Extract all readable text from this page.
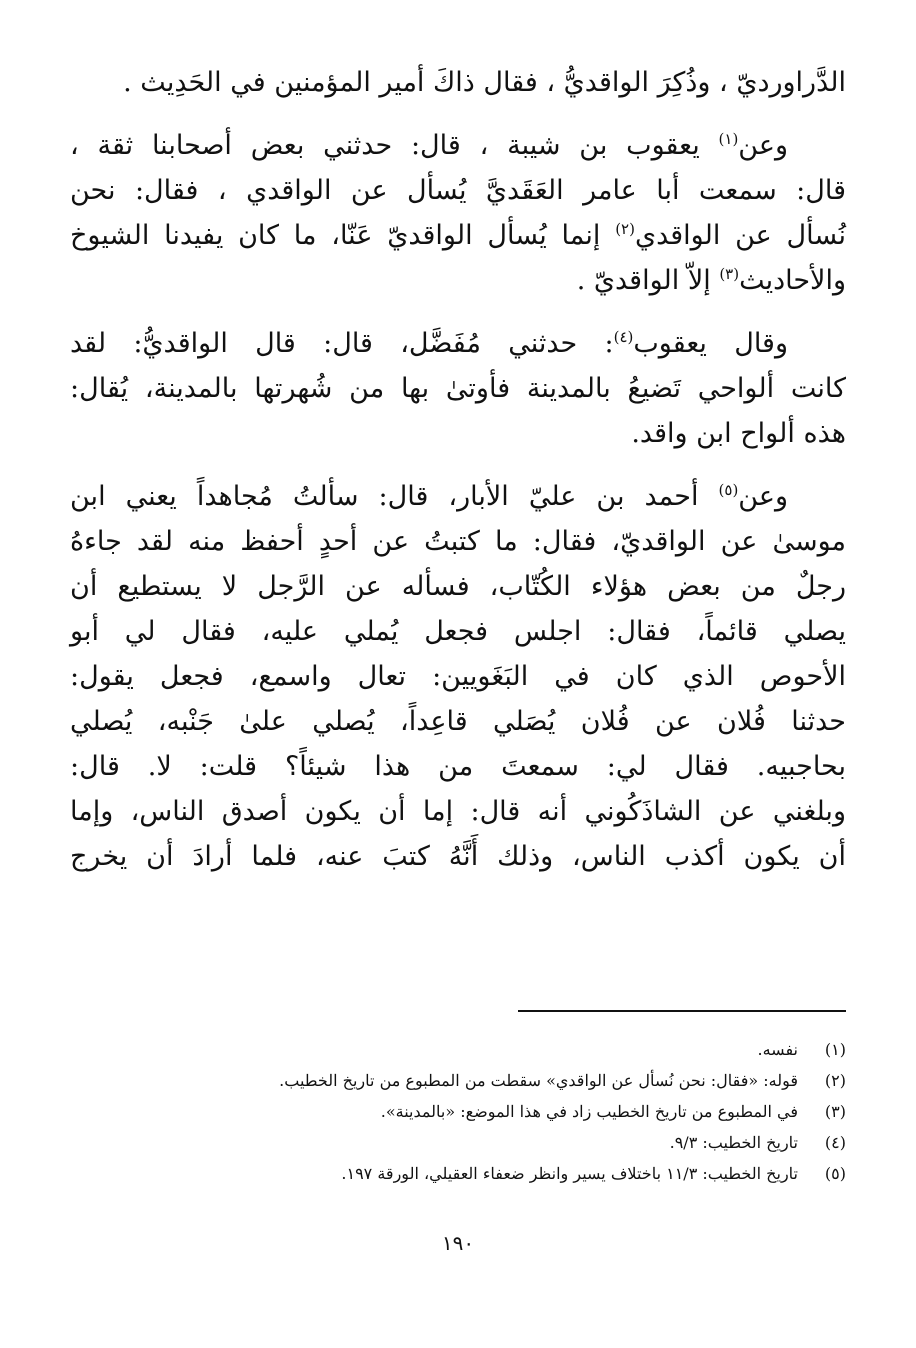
الدَّراورديّ ، وذُكِرَ الواقديُّ ، فقال ذاكَ أمير المؤمنين في الحَدِيث .
وعن$^{(١)}$ يعقوب بن شيبة ، قال: حدثني بعض أصحابنا ثقة ،
قال: سمعت أبا عامر العَقَديَّ يُسأل عن الواقدي ، فقال: نحن
نُسأل عن الواقدي$^{(٢)}$ إنما يُسأل الواقديّ عَنّا، ما كان يفيدنا الشيوخ
والأحاديث$^{(٣)}$ إلاّ الواقديّ .
وقال يعقوب$^{(٤)}$: حدثني مُفَضَّل، قال: قال الواقديُّ: لقد
كانت ألواحي تَضيعُ بالمدينة فأوتىٰ بها من شُهرتها بالمدينة، يُقال:
هذه ألواح ابن واقد.
وعن$^{(٥)}$ أحمد بن عليّ الأبار، قال: سألتُ مُجاهداً يعني ابن
موسىٰ عن الواقديّ، فقال: ما كتبتُ عن أحدٍ أحفظ منه لقد جاءهُ
رجلٌ من بعض هؤلاء الكُتّاب، فسأله عن الرَّجل لا يستطيع أن
يصلي قائماً، فقال: اجلس فجعل يُملي عليه، فقال لي أبو
الأحوص الذي كان في البَغَويين: تعال واسمع، فجعل يقول:
حدثنا فُلان عن فُلان يُصَلي قاعِداً، يُصلي علىٰ جَنْبه، يُصلي
بحاجبيه. فقال لي: سمعتَ من هذا شيئاً؟ قلت: لا. قال:
وبلغني عن الشاذَكُوني أنه قال: إما أن يكون أصدق الناس، وإما
أن يكون أكذب الناس، وذلك أَنَّهُ كتبَ عنه، فلما أرادَ أن يخرج
(١)نفسه.
(٢)قوله: «فقال: نحن نُسأل عن الواقدي» سقطت من المطبوع من تاريخ الخطيب.
(٣)في المطبوع من تاريخ الخطيب زاد في هذا الموضع: «بالمدينة».
(٤)تاريخ الخطيب: ٩/٣.
(٥)تاريخ الخطيب: ١١/٣ باختلاف يسير وانظر ضعفاء العقيلي، الورقة ١٩٧.
١٩٠
